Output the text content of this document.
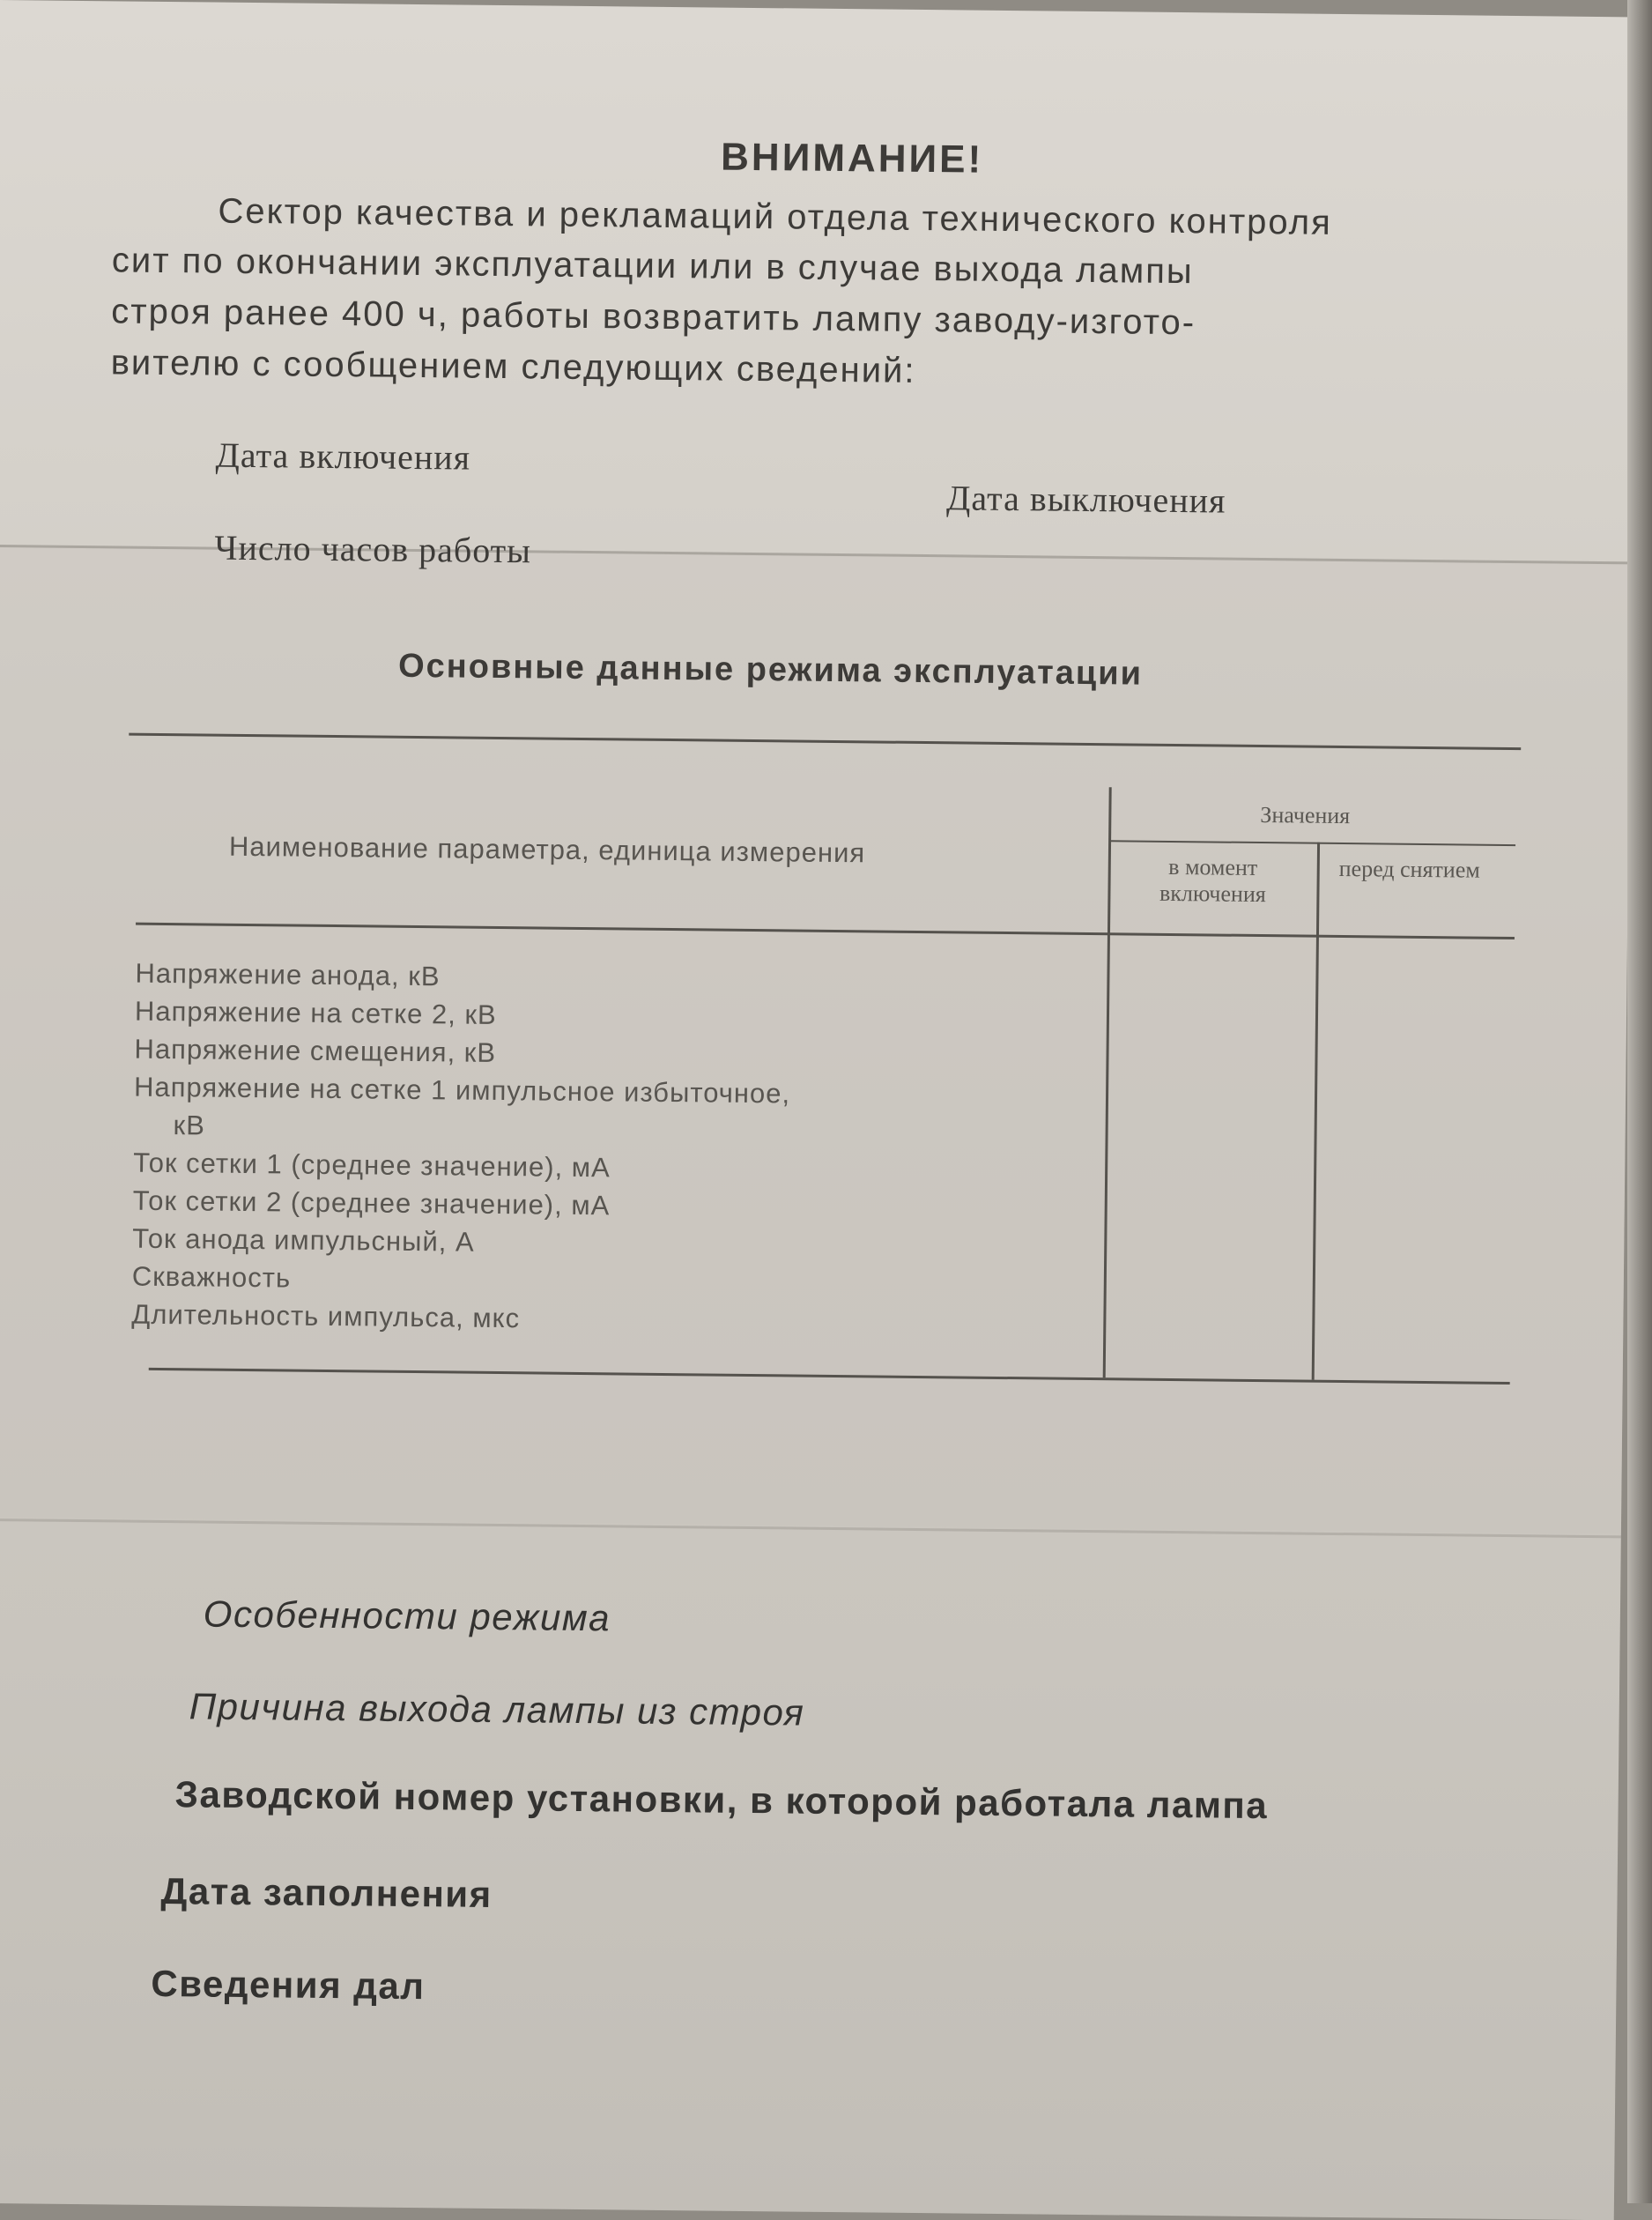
ВНИМАНИЕ!
Сектор качества и рекламаций отдела технического контроля
сит по окончании эксплуатации или в случае выхода лампы
строя ранее 400 ч, работы возвратить лампу заводу-изгото-
вителю с сообщением следующих сведений:
Дата включения
Дата выключения
Число часов работы
Основные данные режима эксплуатации
Наименование параметра, единица измерения
Значения
в момент включения
перед снятием
Напряжение анода, кВ
Напряжение на сетке 2, кВ
Напряжение смещения, кВ
Напряжение на сетке 1 импульсное избыточное,
кВ
Ток сетки 1 (среднее значение), мА
Ток сетки 2 (среднее значение), мА
Ток анода импульсный, А
Скважность
Длительность импульса, мкс
Особенности режима
Причина выхода лампы из строя
Заводской номер установки, в которой работала лампа
Дата заполнения
Сведения дал
